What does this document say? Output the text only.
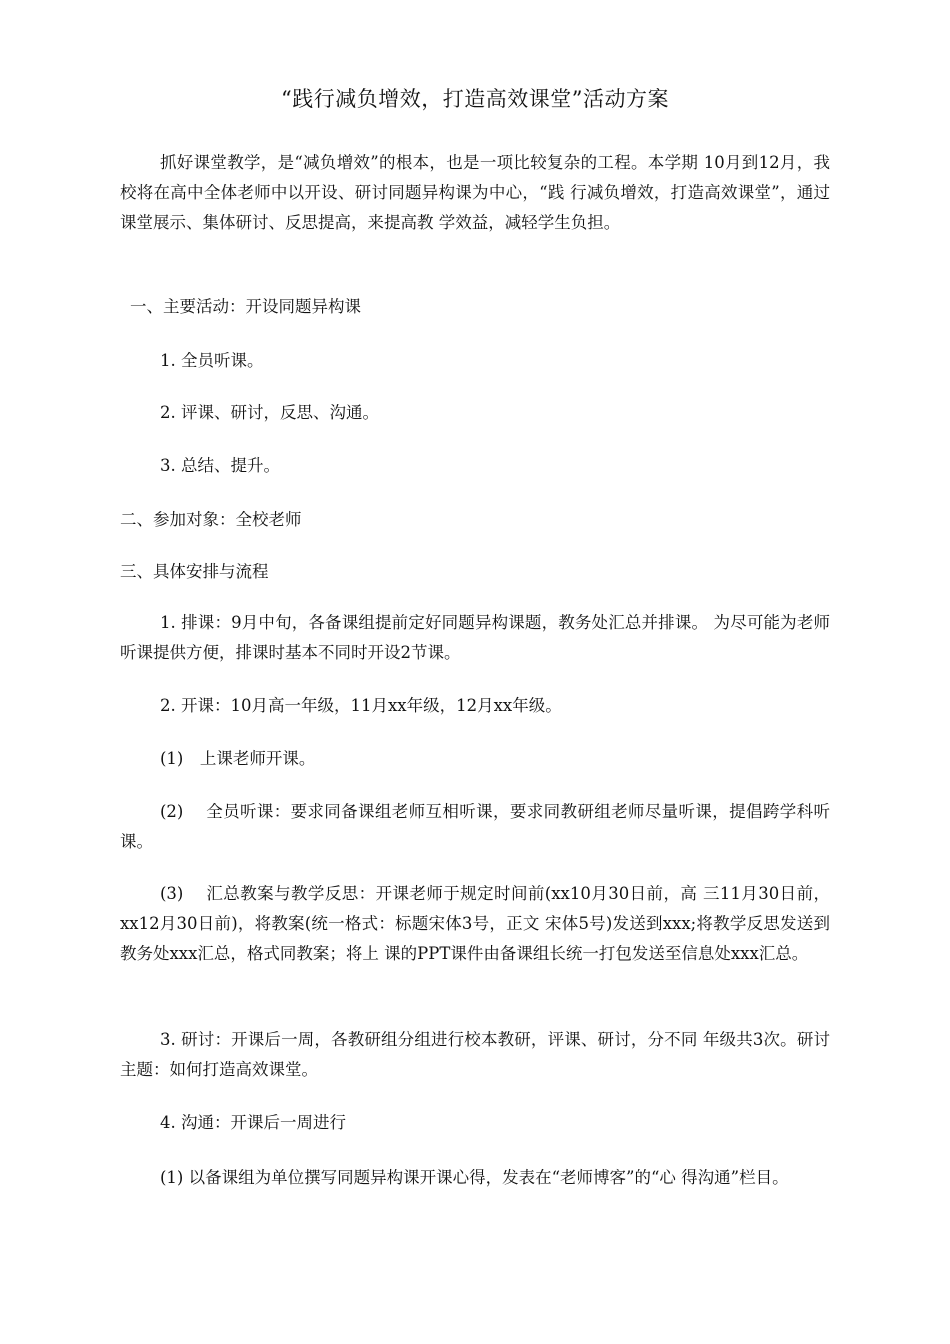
“践行减负增效，打造高效课堂”活动方案

抓好课堂教学，是“减负增效”的根本，也是一项比较复杂的工程。本学期 10月到12月，我校将在高中全体老师中以开设、研讨同题异构课为中心，“践 行减负增效，打造高效课堂”，通过课堂展示、集体研讨、反思提高，来提高教 学效益，减轻学生负担。

一、主要活动：开设同题异构课

1. 全员听课。

2. 评课、研讨，反思、沟通。

3. 总结、提升。

二、参加对象：全校老师

三、具体安排与流程

1. 排课：9月中旬，各备课组提前定好同题异构课题，教务处汇总并排课。 为尽可能为老师听课提供方便，排课时基本不同时开设2节课。

2. 开课：10月高一年级，11月xx年级，12月xx年级。

(1)　上课老师开课。

(2)　 全员听课：要求同备课组老师互相听课，要求同教研组老师尽量听课，提倡跨学科听课。

(3)　 汇总教案与教学反思：开课老师于规定时间前(xx10月30日前，高 三11月30日前，xx12月30日前)，将教案(统一格式：标题宋体3号，正文 宋体5号)发送到xxx;将教学反思发送到教务处xxx汇总，格式同教案；将上 课的PPT课件由备课组长统一打包发送至信息处xxx汇总。

3. 研讨：开课后一周，各教研组分组进行校本教研，评课、研讨，分不同 年级共3次。研讨主题：如何打造高效课堂。

4. 沟通：开课后一周进行

(1) 以备课组为单位撰写同题异构课开课心得，发表在“老师博客”的“心 得沟通”栏目。
